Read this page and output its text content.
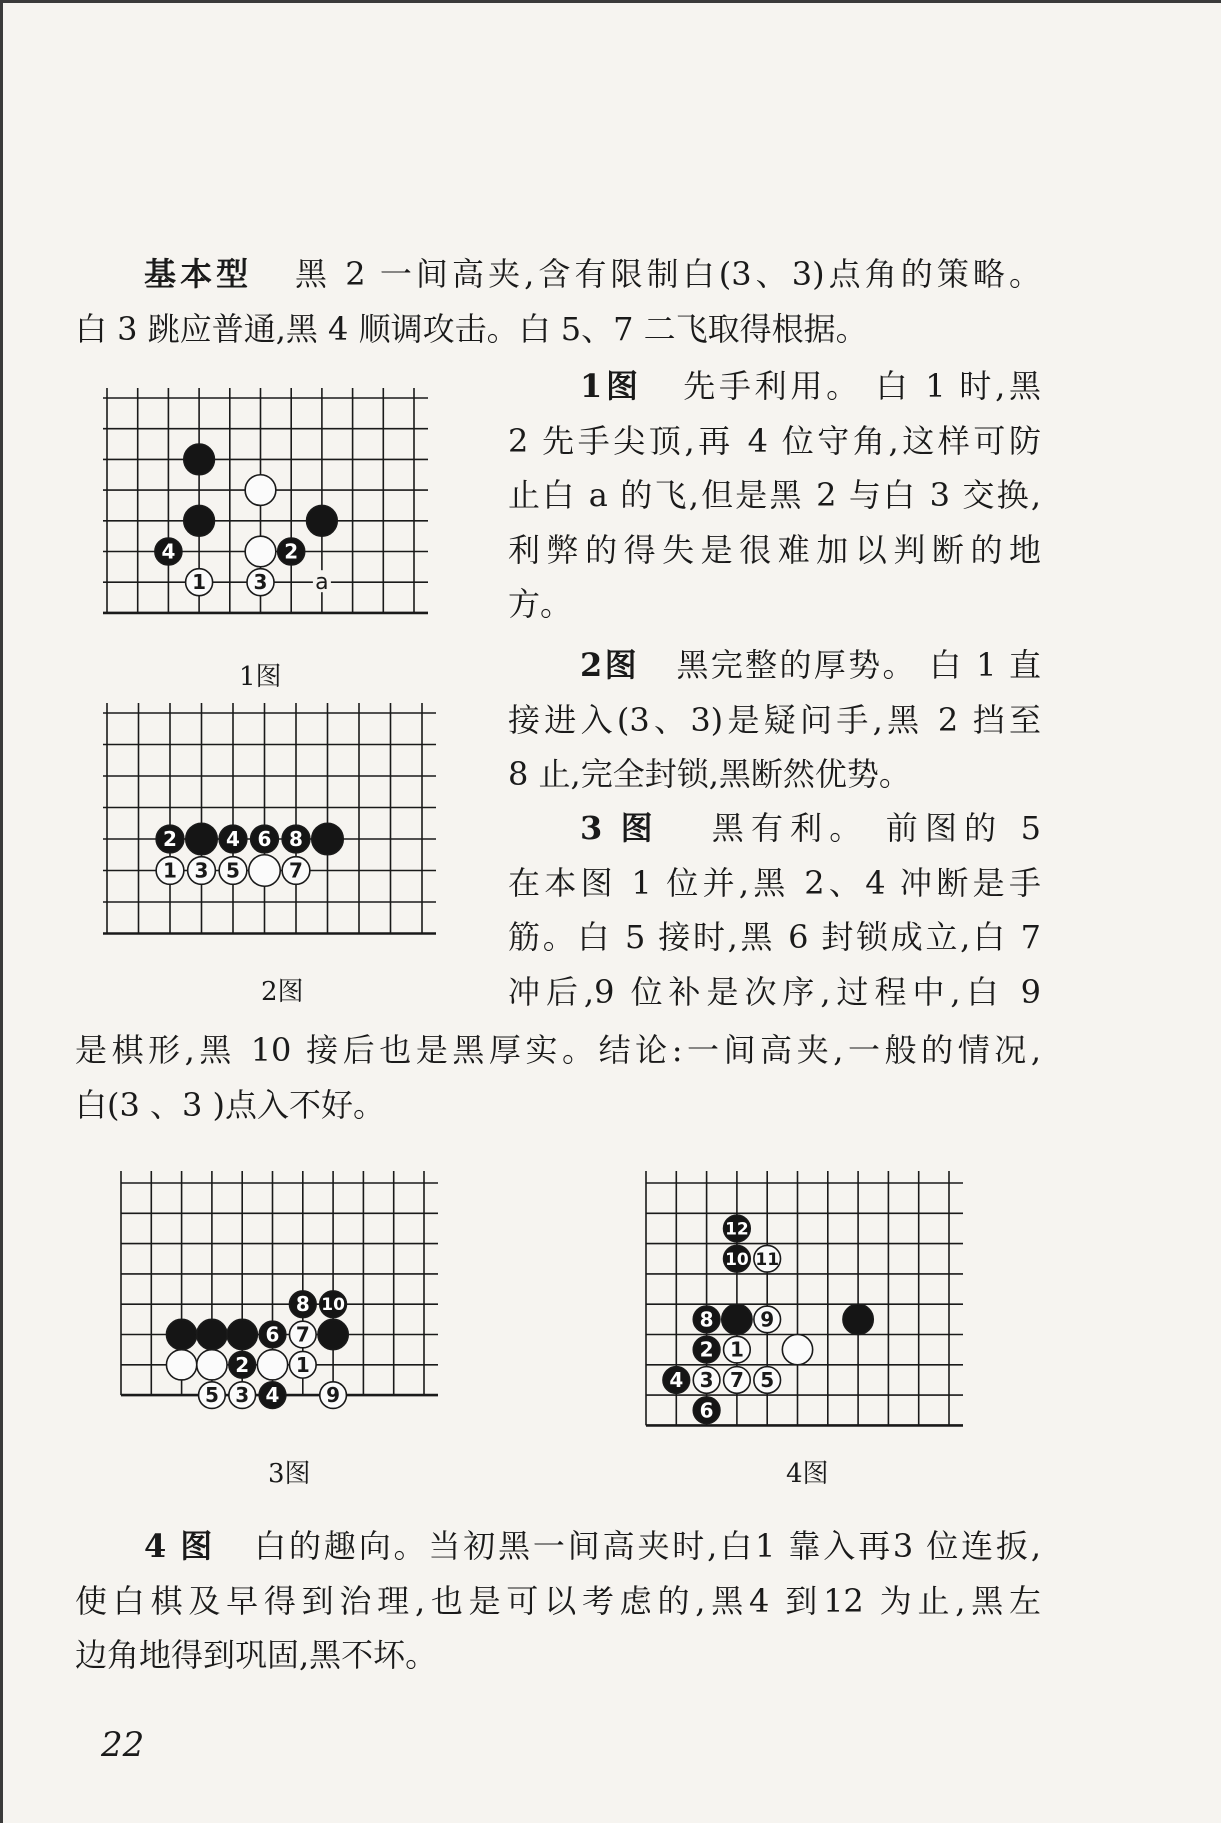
基本型 黑 2 一间高夹,含有限制白(3、3)点角的策略。
白 3 跳应普通,黑 4 顺调攻击。白 5、7 二飞取得根据。
4	2
1 3 a
1图
2 4 6 8
1 3 5 7
2图
1图 先手利用。 白 1 时,黑
2 先手尖顶,再 4 位守角,这样可防
止白 a 的飞,但是黑 2 与白 3 交换,
利弊的得失是很难加以判断的地
方。
2图 黑完整的厚势。 白 1 直
接进入(3、3)是疑问手,黑 2 挡至
8 止,完全封锁,黑断然优势。
3 图 黑有利。 前图的 5
在本图 1 位并,黑 2、4 冲断是手
筋。白 5 接时,黑 6 封锁成立,白 7
冲后,9 位补是次序,过程中,白 9
是棋形,黑 10 接后也是黑厚实。结论:一间高夹,一般的情况,
白(3 、3 )点入不好。
8 10
6 7
2 1
5 3 4 9
3图
12
10 11
8 9
2 1
4 3 7 5
6
4图
4 图 白的趣向。当初黑一间高夹时,白1 靠入再3 位连扳,
使白棋及早得到治理,也是可以考虑的,黑4 到12 为止,黑左
边角地得到巩固,黑不坏。
22
